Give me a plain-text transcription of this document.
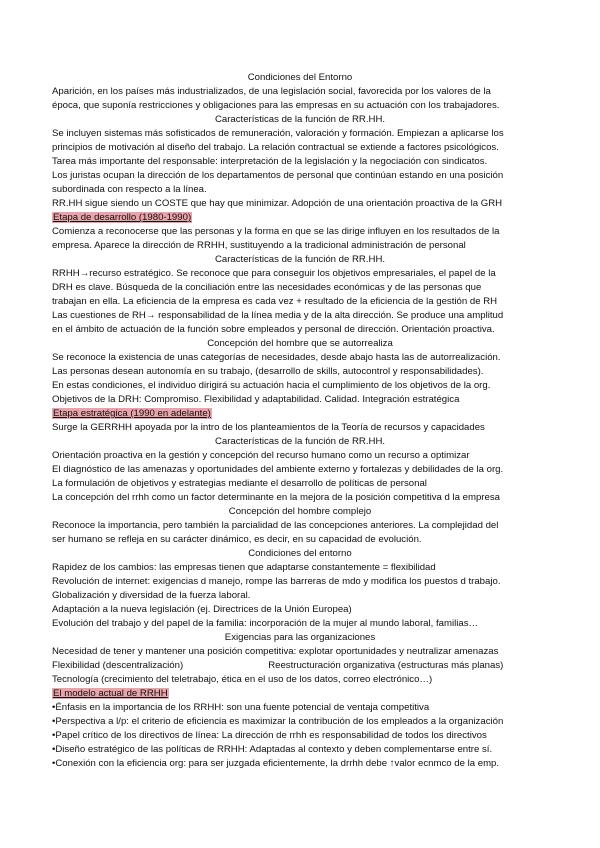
Condiciones del Entorno
Aparición, en los países más industrializados, de una legislación social, favorecida por los valores de la
época, que suponía restricciones y obligaciones para las empresas en su actuación con los trabajadores.
Características de la función de RR.HH.
Se incluyen sistemas más sofisticados de remuneración, valoración y formación. Empiezan a aplicarse los
principios de motivación al diseño del trabajo. La relación contractual se extiende a factores psicológicos.
Tarea más importante del responsable: interpretación de la legislación y la negociación con sindicatos.
Los juristas ocupan la dirección de los departamentos de personal que continúan estando en una posición
subordinada con respecto a la línea.
RR.HH sigue siendo un COSTE que hay que minimizar. Adopción de una orientación proactiva de la GRH
Etapa de desarrollo (1980-1990)
Comienza a reconocerse que las personas y la forma en que se las dirige influyen en los resultados de la
empresa. Aparece la dirección de RRHH, sustituyendo a la tradicional administración de personal
Características de la función de RR.HH.
RRHH→recurso estratégico. Se reconoce que para conseguir los objetivos empresariales, el papel de la
DRH es clave. Búsqueda de la conciliación entre las necesidades económicas y de las personas que
trabajan en ella. La eficiencia de la empresa es cada vez + resultado de la eficiencia de la gestión de RH
Las cuestiones de RH→ responsabilidad de la línea media y de la alta dirección. Se produce una amplitud
en el ámbito de actuación de la función sobre empleados y personal de dirección. Orientación proactiva.
Concepción del hombre que se autorrealiza
Se reconoce la existencia de unas categorías de necesidades, desde abajo hasta las de autorrealización.
Las personas desean autonomía en su trabajo, (desarrollo de skills, autocontrol y responsabilidades).
En estas condiciones, el individuo dirigirá su actuación hacia el cumplimiento de los objetivos de la org.
Objetivos de la DRH: Compromiso. Flexibilidad y adaptabilidad. Calidad. Integración estratégica
Etapa estratégica (1990 en adelante)
Surge la GERRHH apoyada por la intro de los planteamientos de la Teoría de recursos y capacidades
Características de la función de RR.HH.
Orientación proactiva en la gestión y concepción del recurso humano como un recurso a optimizar
El diagnóstico de las amenazas y oportunidades del ambiente externo y fortalezas y debilidades de la org.
La formulación de objetivos y estrategias mediante el desarrollo de políticas de personal
La concepción del rrhh como un factor determinante en la mejora de la posición competitiva d la empresa
Concepción del hombre complejo
Reconoce la importancia, pero también la parcialidad de las concepciones anteriores. La complejidad del
ser humano se refleja en su carácter dinámico, es decir, en su capacidad de evolución.
Condiciones del entorno
Rapidez de los cambios: las empresas tienen que adaptarse constantemente = flexibilidad
Revolución de internet: exigencias d manejo, rompe las barreras de mdo y modifica los puestos d trabajo.
Globalización y diversidad de la fuerza laboral.
Adaptación a la nueva legislación (ej. Directrices de la Unión Europea)
Evolución del trabajo y del papel de la familia: incorporación de la mujer al mundo laboral, familias…
Exigencias para las organizaciones
Necesidad de tener y mantener una posición competitiva: explotar oportunidades y neutralizar amenazas
Flexibilidad (descentralización)	Reestructuración organizativa (estructuras más planas)
Tecnología (crecimiento del teletrabajo, ética en el uso de los datos, correo electrónico…)
El modelo actual de RRHH
•Énfasis en la importancia de los RRHH: son una fuente potencial de ventaja competitiva
•Perspectiva a l/p: el criterio de eficiencia es maximizar la contribución de los empleados a la organización
•Papel crítico de los directivos de línea: La dirección de rrhh es responsabilidad de todos los directivos
•Diseño estratégico de las políticas de RRHH: Adaptadas al contexto y deben complementarse entre sí.
•Conexión con la eficiencia org: para ser juzgada eficientemente, la drrhh debe ↑valor ecnmco de la emp.
